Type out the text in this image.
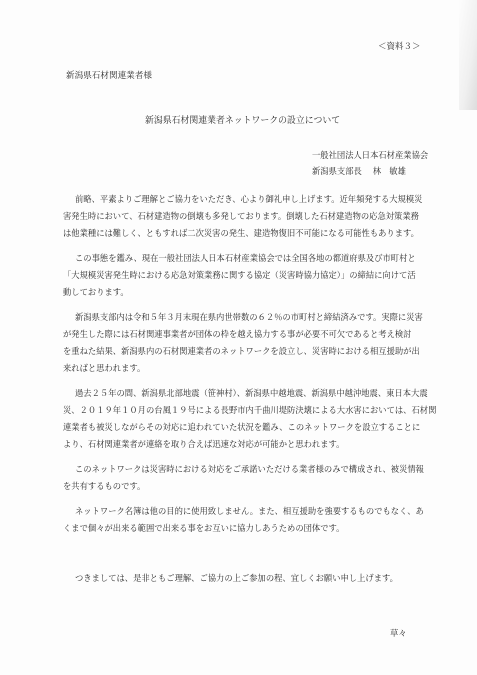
＜資料３＞
新潟県石材関連業者様
新潟県石材関連業者ネットワークの設立について
一般社団法人日本石材産業協会
新潟県支部長　 林　敏雄
前略、平素よりご理解とご協力をいただき、心より御礼申し上げます。近年頻発する大規模災
害発生時において、石材建造物の倒壊も多発しております。倒壊した石材建造物の応急対策業務
は他業種には難しく、ともすれば二次災害の発生、建造物復旧不可能になる可能性もあります。
この事態を鑑み、現在一般社団法人日本石材産業協会では全国各地の都道府県及び市町村と
「大規模災害発生時における応急対策業務に関する協定（災害時協力協定）」の締結に向けて活
動しております。
新潟県支部内は令和５年３月末現在県内世帯数の６２％の市町村と締結済みです。実際に災害
が発生した際には石材関連事業者が団体の枠を越え協力する事が必要不可欠であると考え検討
を重ねた結果、新潟県内の石材関連業者のネットワークを設立し、災害時における相互援助が出
来ればと思われます。
過去２５年の間、新潟県北部地震（笹神村）、新潟県中越地震、新潟県中越沖地震、東日本大震
災、２０１９年１０月の台風１９号による長野市内千曲川堤防決壊による大水害においては、石材関
連業者も被災しながらその対応に追われていた状況を鑑み、このネットワークを設立することに
より、石材関連業者が連絡を取り合えば迅速な対応が可能かと思われます。
このネットワークは災害時における対応をご承諾いただける業者様のみで構成され、被災情報
を共有するものです。
ネットワーク名簿は他の目的に使用致しません。また、相互援助を強要するものでもなく、あ
くまで個々が出来る範囲で出来る事をお互いに協力しあうための団体です。
つきましては、是非ともご理解、ご協力の上ご参加の程、宜しくお願い申し上げます。
草々
